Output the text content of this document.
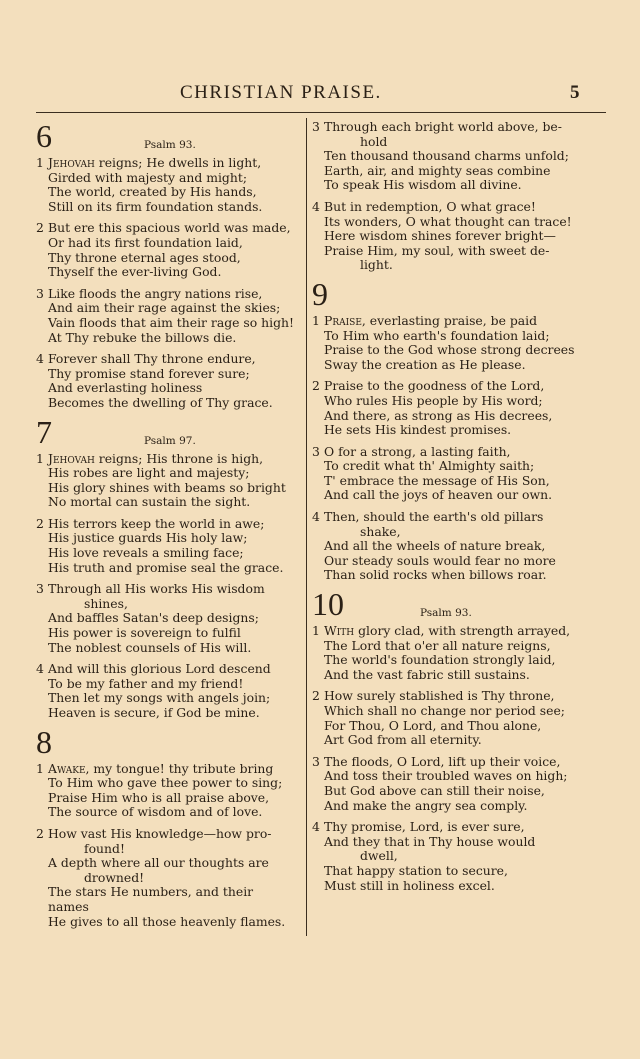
CHRISTIAN PRAISE.	5
6	Psalm 93.
1 Jehovah reigns; He dwells in light,
Girded with majesty and might;
The world, created by His hands,
Still on its firm foundation stands.
2 But ere this spacious world was made,
Or had its first foundation laid,
Thy throne eternal ages stood,
Thyself the ever-living God.
3 Like floods the angry nations rise,
And aim their rage against the skies;
Vain floods that aim their rage so high!
At Thy rebuke the billows die.
4 Forever shall Thy throne endure,
Thy promise stand forever sure;
And everlasting holiness
Becomes the dwelling of Thy grace.
7	Psalm 97.
1 Jehovah reigns; His throne is high,
His robes are light and majesty;
His glory shines with beams so bright
No mortal can sustain the sight.
2 His terrors keep the world in awe;
His justice guards His holy law;
His love reveals a smiling face;
His truth and promise seal the grace.
3 Through all His works His wisdom
shines,
And baffles Satan's deep designs;
His power is sovereign to fulfil
The noblest counsels of His will.
4 And will this glorious Lord descend
To be my father and my friend!
Then let my songs with angels join;
Heaven is secure, if God be mine.
8
1 Awake, my tongue! thy tribute bring
To Him who gave thee power to sing;
Praise Him who is all praise above,
The source of wisdom and of love.
2 How vast His knowledge—how pro-
found!
A depth where all our thoughts are
drowned!
The stars He numbers, and their
names
He gives to all those heavenly flames.
3 Through each bright world above, be-
hold
Ten thousand thousand charms unfold;
Earth, air, and mighty seas combine
To speak His wisdom all divine.
4 But in redemption, O what grace!
Its wonders, O what thought can trace!
Here wisdom shines forever bright—
Praise Him, my soul, with sweet de-
light.
9
1 Praise, everlasting praise, be paid
To Him who earth's foundation laid;
Praise to the God whose strong decrees
Sway the creation as He please.
2 Praise to the goodness of the Lord,
Who rules His people by His word;
And there, as strong as His decrees,
He sets His kindest promises.
3 O for a strong, a lasting faith,
To credit what th' Almighty saith;
T' embrace the message of His Son,
And call the joys of heaven our own.
4 Then, should the earth's old pillars
shake,
And all the wheels of nature break,
Our steady souls would fear no more
Than solid rocks when billows roar.
10	Psalm 93.
1 With glory clad, with strength arrayed,
The Lord that o'er all nature reigns,
The world's foundation strongly laid,
And the vast fabric still sustains.
2 How surely stablished is Thy throne,
Which shall no change nor period see;
For Thou, O Lord, and Thou alone,
Art God from all eternity.
3 The floods, O Lord, lift up their voice,
And toss their troubled waves on high;
But God above can still their noise,
And make the angry sea comply.
4 Thy promise, Lord, is ever sure,
And they that in Thy house would
dwell,
That happy station to secure,
Must still in holiness excel.
